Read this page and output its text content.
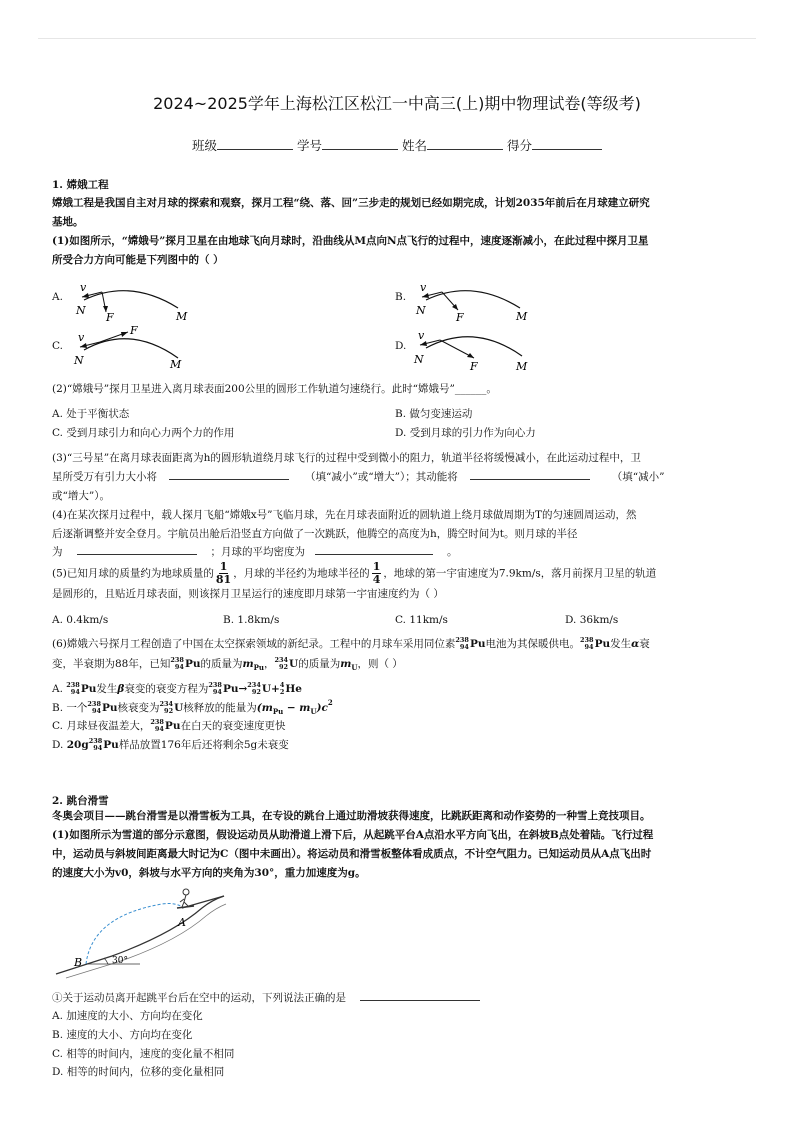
2024~2025学年上海松江区松江一中高三(上)期中物理试卷(等级考)
班级	学号	姓名	得分
1. 嫦娥工程
嫦娥工程是我国自主对月球的探索和观察，探月工程“绕、落、回”三步走的规划已经如期完成，计划2035年前后在月球建立研究
基地。
(1)如图所示，“嫦娥号”探月卫星在由地球飞向月球时，沿曲线从M点向N点飞行的过程中，速度逐渐减小，在此过程中探月卫星
所受合力方向可能是下列图中的（ ）
A.
v
N
F	M
B.
v
N
F	M
C.
v
N
F
M
D.
v
N
F	M
(2)“嫦娥号”探月卫星进入离月球表面200公里的圆形工作轨道匀速绕行。此时“嫦娥号”______。
A. 处于平衡状态	B. 做匀变速运动
C. 受到月球引力和向心力两个力的作用	D. 受到月球的引力作为向心力
(3)“三号星”在离月球表面距离为h的圆形轨道绕月球飞行的过程中受到微小的阻力，轨道半径将缓慢减小，在此运动过程中，卫
星所受万有引力大小将	（填“减小”或“增大”）；其动能将	（填“减小”
或“增大”）。
(4)在某次探月过程中，载人探月飞船“嫦娥x号”飞临月球，先在月球表面附近的圆轨道上绕月球做周期为T的匀速圆周运动，然
后逐渐调整并安全登月。宇航员出舱后沿竖直方向做了一次跳跃，他腾空的高度为h，腾空时间为t。则月球的半径
为	；月球的平均密度为	。
(5)已知月球的质量约为地球质量的 $\frac{1}{81}$ ，月球的半径约为地球半径的 $\frac{1}{4}$ ，地球的第一宇宙速度为7.9km/s，落月前探月卫星的轨道
是圆形的，且贴近月球表面，则该探月卫星运行的速度即月球第一宇宙速度约为（ ）
A. 0.4km/s	B. 1.8km/s	C. 11km/s	D. 36km/s
(6)嫦娥六号探月工程创造了中国在太空探索领域的新纪录。工程中的月球车采用同位素 238
94 Pu电池为其保暖供电。 238
94 Pu发生α衰
变，半衰期为88年，已知 238
94 Pu的质量为$m_{Pu}$， 234
92 U的质量为$m_U$，则（ ）
A. 238
94 Pu发生β衰变的衰变方程为 238
94 Pu→ 234
92 U+ 4
2 He
B. 一个 238
94 Pu核衰变为 234
92 U核释放的能量为$(m_{Pu} - m_U)c^2$
C. 月球昼夜温差大， 238
94 Pu在白天的衰变速度更快
D. 20g 238
94 Pu样品放置176年后还将剩余5g未衰变
2. 跳台滑雪
冬奥会项目——跳台滑雪是以滑雪板为工具，在专设的跳台上通过助滑坡获得速度，比跳跃距离和动作姿势的一种雪上竞技项目。
(1)如图所示为雪道的部分示意图，假设运动员从助滑道上滑下后，从起跳平台A点沿水平方向飞出，在斜坡B点处着陆。飞行过程
中，运动员与斜坡间距离最大时记为C（图中未画出）。将运动员和滑雪板整体看成质点，不计空气阻力。已知运动员从A点飞出时
的速度大小为v0，斜坡与水平方向的夹角为30°，重力加速度为g。
A
B	30°
①关于运动员离开起跳平台后在空中的运动，下列说法正确的是
A. 加速度的大小、方向均在变化
B. 速度的大小、方向均在变化
C. 相等的时间内，速度的变化量不相同
D. 相等的时间内，位移的变化量相同
